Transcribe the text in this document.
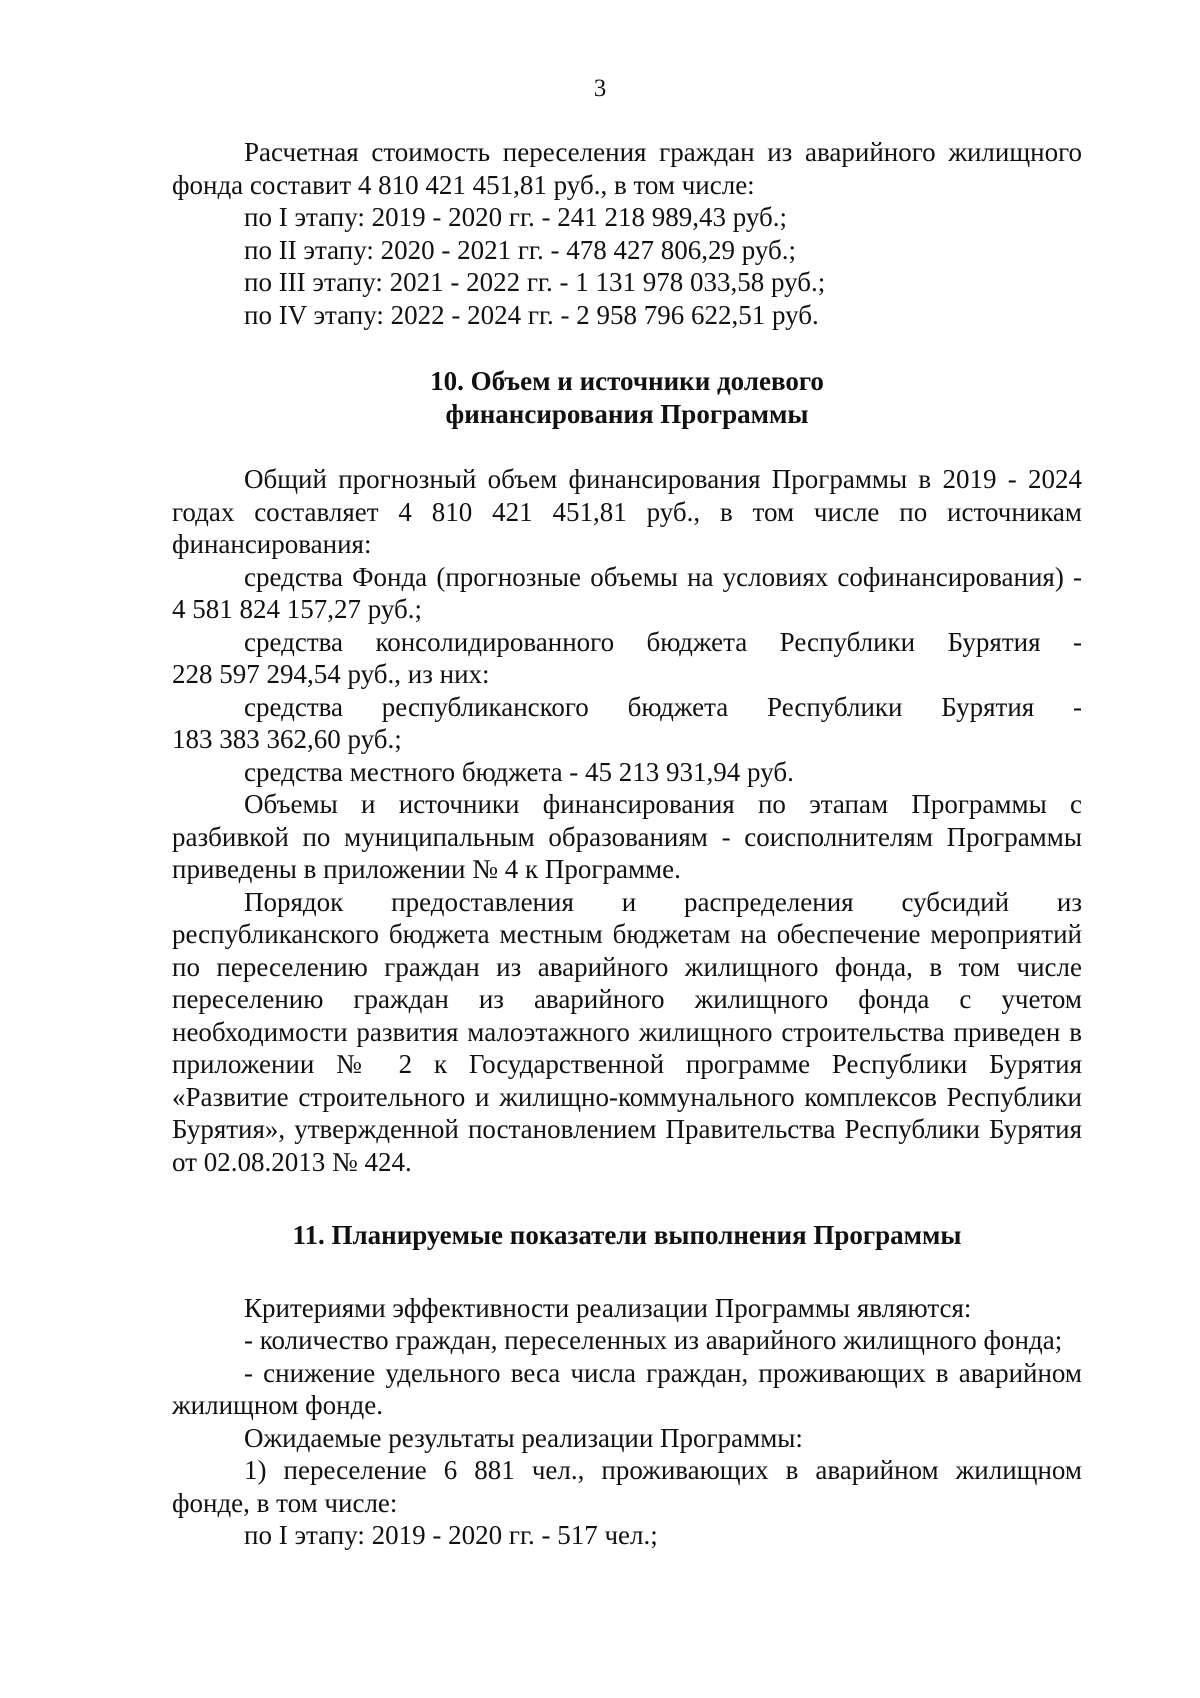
3

Расчетная стоимость переселения граждан из аварийного жилищного фонда составит 4 810 421 451,81 руб., в том числе:

по I этапу: 2019 - 2020 гг. - 241 218 989,43 руб.;

по II этапу: 2020 - 2021 гг. - 478 427 806,29 руб.;

по III этапу: 2021 - 2022 гг. - 1 131 978 033,58 руб.;

по IV этапу: 2022 - 2024 гг. - 2 958 796 622,51 руб.

10. Объем и источники долевого

финансирования Программы

Общий прогнозный объем финансирования Программы в 2019 - 2024 годах составляет 4 810 421 451,81 руб., в том числе по источникам финансирования:

средства Фонда (прогнозные объемы на условиях софинансирования) - 4 581 824 157,27 руб.;

средства консолидированного бюджета Республики Бурятия -

228 597 294,54 руб., из них:

средства республиканского бюджета Республики Бурятия -

183 383 362,60 руб.;

средства местного бюджета - 45 213 931,94 руб.

Объемы и источники финансирования по этапам Программы с разбивкой по муниципальным образованиям - соисполнителям Программы приведены в приложении № 4 к Программе.

Порядок предоставления и распределения субсидий из республиканского бюджета местным бюджетам на обеспечение мероприятий по переселению граждан из аварийного жилищного фонда, в том числе переселению граждан из аварийного жилищного фонда с учетом необходимости развития малоэтажного жилищного строительства приведен в приложении № 2 к Государственной программе Республики Бурятия «Развитие строительного и жилищно-коммунального комплексов Республики Бурятия», утвержденной постановлением Правительства Республики Бурятия от 02.08.2013 № 424.

11. Планируемые показатели выполнения Программы

Критериями эффективности реализации Программы являются:

- количество граждан, переселенных из аварийного жилищного фонда;

- снижение удельного веса числа граждан, проживающих в аварийном жилищном фонде.

Ожидаемые результаты реализации Программы:

1) переселение 6 881 чел., проживающих в аварийном жилищном фонде, в том числе:

по I этапу: 2019 - 2020 гг. - 517 чел.;
